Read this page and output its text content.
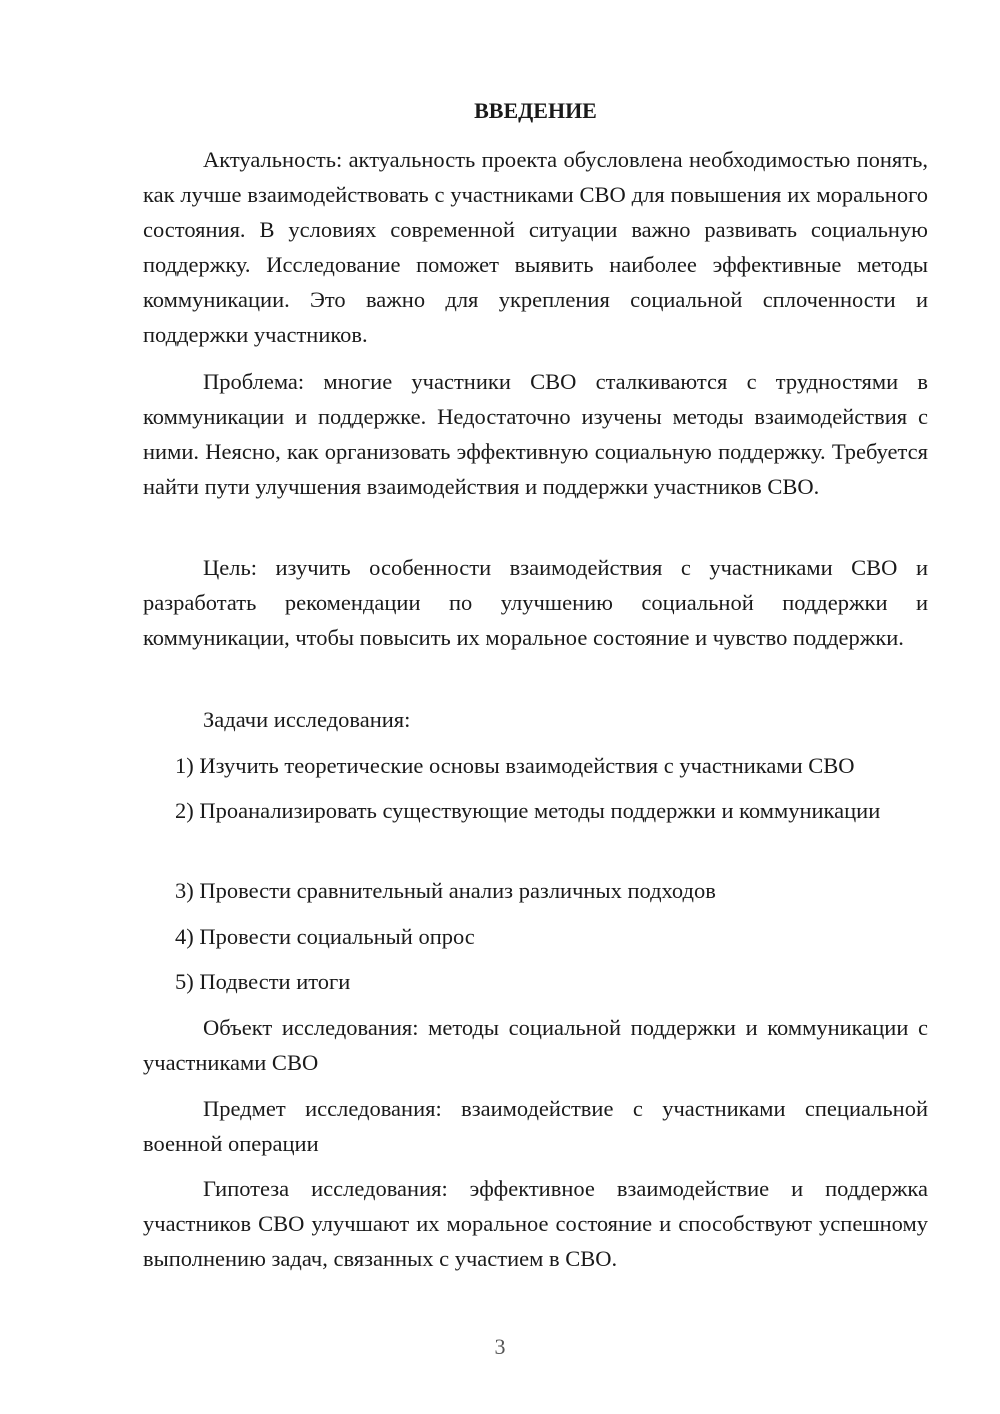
ВВЕДЕНИЕ

Актуальность: актуальность проекта обусловлена необходимостью понять, как лучше взаимодействовать с участниками СВО для повышения их морального состояния. В условиях современной ситуации важно развивать социальную поддержку. Исследование поможет выявить наиболее эффективные методы коммуникации. Это важно для укрепления социальной сплоченности и поддержки участников.

Проблема: многие участники СВО сталкиваются с трудностями в коммуникации и поддержке. Недостаточно изучены методы взаимодействия с ними. Неясно, как организовать эффективную социальную поддержку. Требуется найти пути улучшения взаимодействия и поддержки участников СВО.

Цель: изучить особенности взаимодействия с участниками СВО и разработать рекомендации по улучшению социальной поддержки и коммуникации, чтобы повысить их моральное состояние и чувство поддержки.

Задачи исследования:

1) Изучить теоретические основы взаимодействия с участниками СВО

2) Проанализировать существующие методы поддержки и коммуникации

3) Провести сравнительный анализ различных подходов

4) Провести социальный опрос

5) Подвести итоги

Объект исследования: методы социальной поддержки и коммуникации с участниками СВО

Предмет исследования: взаимодействие с участниками специальной военной операции

Гипотеза исследования: эффективное взаимодействие и поддержка участников СВО улучшают их моральное состояние и способствуют успешному выполнению задач, связанных с участием в СВО.

3
